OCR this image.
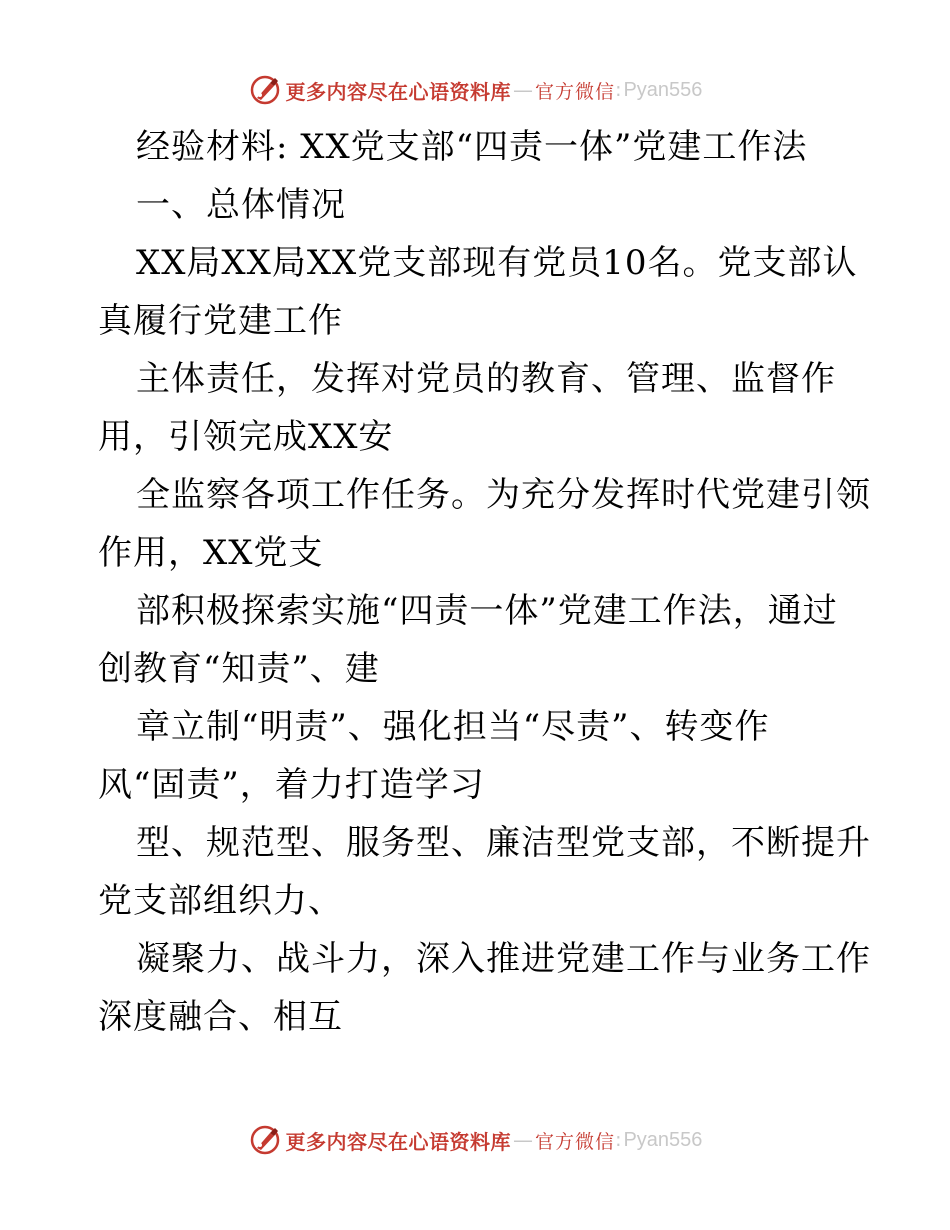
更多内容尽在心语资料库 — 官方微信 : Pyan556
经验材料: XX党支部“四责一体”党建工作法
一、总体情况
XX局XX局XX党支部现有党员10名。党支部认
真履行党建工作
主体责任，发挥对党员的教育、管理、监督作
用，引领完成XX安
全监察各项工作任务。为充分发挥时代党建引领
作用，XX党支
部积极探索实施“四责一体”党建工作法，通过
创教育“知责”、建
章立制“明责”、强化担当“尽责”、转变作
风“固责”，着力打造学习
型、规范型、服务型、廉洁型党支部，不断提升
党支部组织力、
凝聚力、战斗力，深入推进党建工作与业务工作
深度融合、相互
更多内容尽在心语资料库 — 官方微信 : Pyan556
